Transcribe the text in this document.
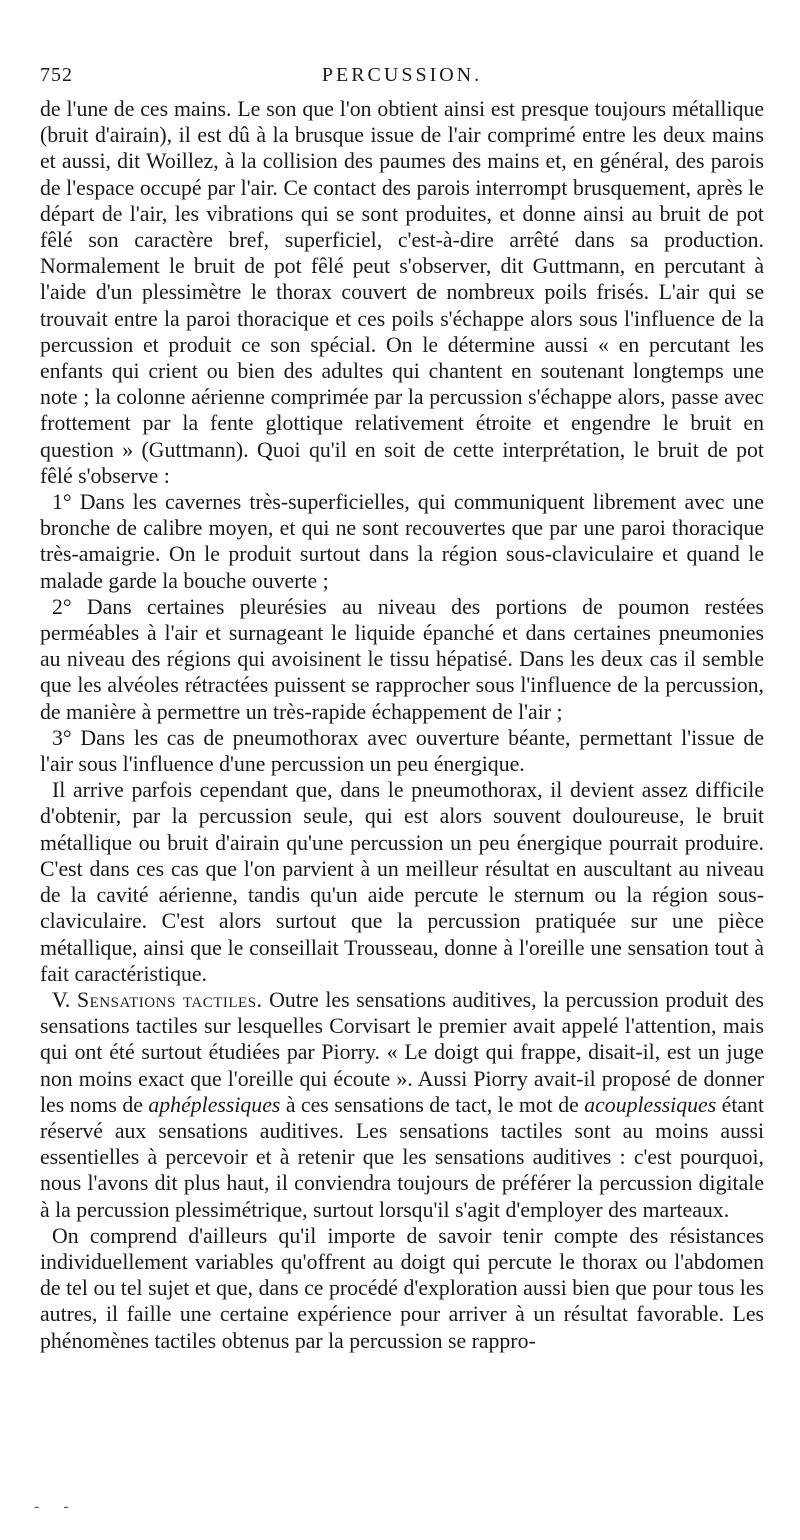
752	PERCUSSION.

de l'une de ces mains. Le son que l'on obtient ainsi est presque toujours métallique (bruit d'airain), il est dû à la brusque issue de l'air comprimé entre les deux mains et aussi, dit Woillez, à la collision des paumes des mains et, en général, des parois de l'espace occupé par l'air. Ce contact des parois interrompt brusquement, après le départ de l'air, les vibrations qui se sont produites, et donne ainsi au bruit de pot fêlé son caractère bref, superficiel, c'est-à-dire arrêté dans sa production. Normalement le bruit de pot fêlé peut s'observer, dit Guttmann, en percutant à l'aide d'un plessimètre le thorax couvert de nombreux poils frisés. L'air qui se trouvait entre la paroi thoracique et ces poils s'échappe alors sous l'influence de la percussion et produit ce son spécial. On le détermine aussi « en percutant les enfants qui crient ou bien des adultes qui chantent en soutenant longtemps une note ; la colonne aérienne comprimée par la percussion s'échappe alors, passe avec frottement par la fente glottique relativement étroite et engendre le bruit en question » (Guttmann). Quoi qu'il en soit de cette interprétation, le bruit de pot fêlé s'observe :

1° Dans les cavernes très-superficielles, qui communiquent librement avec une bronche de calibre moyen, et qui ne sont recouvertes que par une paroi thoracique très-amaigrie. On le produit surtout dans la région sous-claviculaire et quand le malade garde la bouche ouverte ;

2° Dans certaines pleurésies au niveau des portions de poumon restées perméables à l'air et surnageant le liquide épanché et dans certaines pneumonies au niveau des régions qui avoisinent le tissu hépatisé. Dans les deux cas il semble que les alvéoles rétractées puissent se rapprocher sous l'influence de la percussion, de manière à permettre un très-rapide échappement de l'air ;

3° Dans les cas de pneumothorax avec ouverture béante, permettant l'issue de l'air sous l'influence d'une percussion un peu énergique.

Il arrive parfois cependant que, dans le pneumothorax, il devient assez difficile d'obtenir, par la percussion seule, qui est alors souvent douloureuse, le bruit métallique ou bruit d'airain qu'une percussion un peu énergique pourrait produire. C'est dans ces cas que l'on parvient à un meilleur résultat en auscultant au niveau de la cavité aérienne, tandis qu'un aide percute le sternum ou la région sous-claviculaire. C'est alors surtout que la percussion pratiquée sur une pièce métallique, ainsi que le conseillait Trousseau, donne à l'oreille une sensation tout à fait caractéristique.

V. Sensations tactiles. Outre les sensations auditives, la percussion produit des sensations tactiles sur lesquelles Corvisart le premier avait appelé l'attention, mais qui ont été surtout étudiées par Piorry. « Le doigt qui frappe, disait-il, est un juge non moins exact que l'oreille qui écoute ». Aussi Piorry avait-il proposé de donner les noms de aphéplessiques à ces sensations de tact, le mot de acouplessiques étant réservé aux sensations auditives. Les sensations tactiles sont au moins aussi essentielles à percevoir et à retenir que les sensations auditives : c'est pourquoi, nous l'avons dit plus haut, il conviendra toujours de préférer la percussion digitale à la percussion plessimétrique, surtout lorsqu'il s'agit d'employer des marteaux.

On comprend d'ailleurs qu'il importe de savoir tenir compte des résistances individuellement variables qu'offrent au doigt qui percute le thorax ou l'abdomen de tel ou tel sujet et que, dans ce procédé d'exploration aussi bien que pour tous les autres, il faille une certaine expérience pour arriver à un résultat favorable. Les phénomènes tactiles obtenus par la percussion se rappro-

- -
